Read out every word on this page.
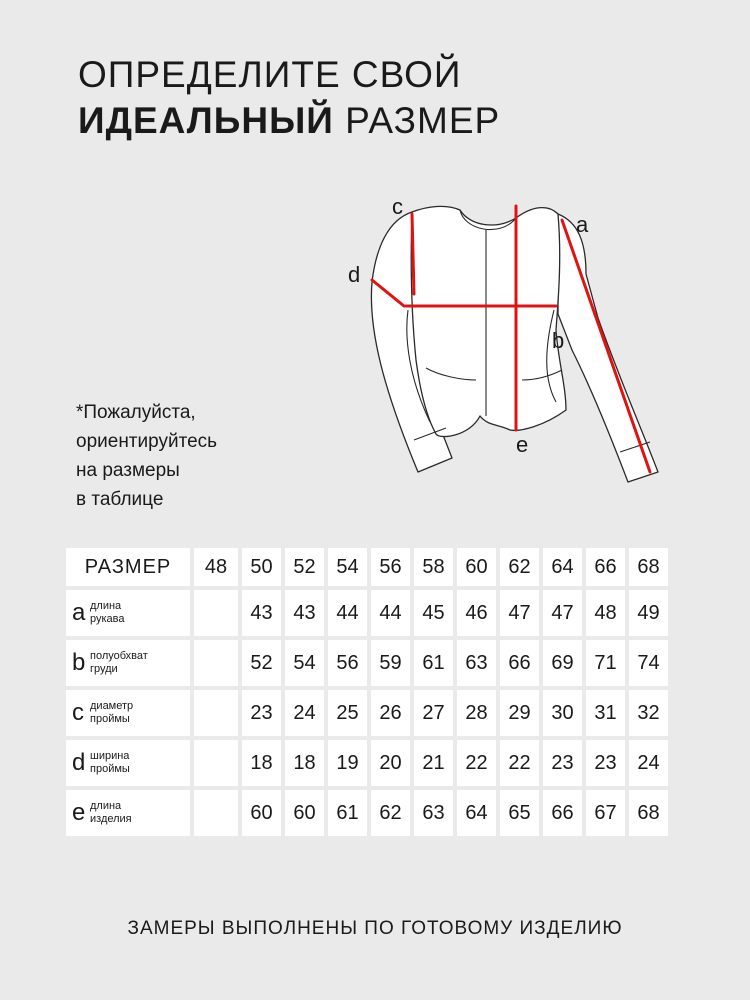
ОПРЕДЕЛИТЕ СВОЙ
ИДЕАЛЬНЫЙ РАЗМЕР
*Пожалуйста,
ориентируйтесь
на размеры
в таблице
c
d
a
b
e
РАЗМЕР	48	50	52	54	56	58	60	62	64	66	68
a длина
рукава		43	43	44	44	45	46	47	47	48	49
b полуобхват
груди		52	54	56	59	61	63	66	69	71	74
c диаметр
проймы		23	24	25	26	27	28	29	30	31	32
d ширина
проймы		18	18	19	20	21	22	22	23	23	24
e длина
изделия		60	60	61	62	63	64	65	66	67	68
ЗАМЕРЫ ВЫПОЛНЕНЫ ПО ГОТОВОМУ ИЗДЕЛИЮ
